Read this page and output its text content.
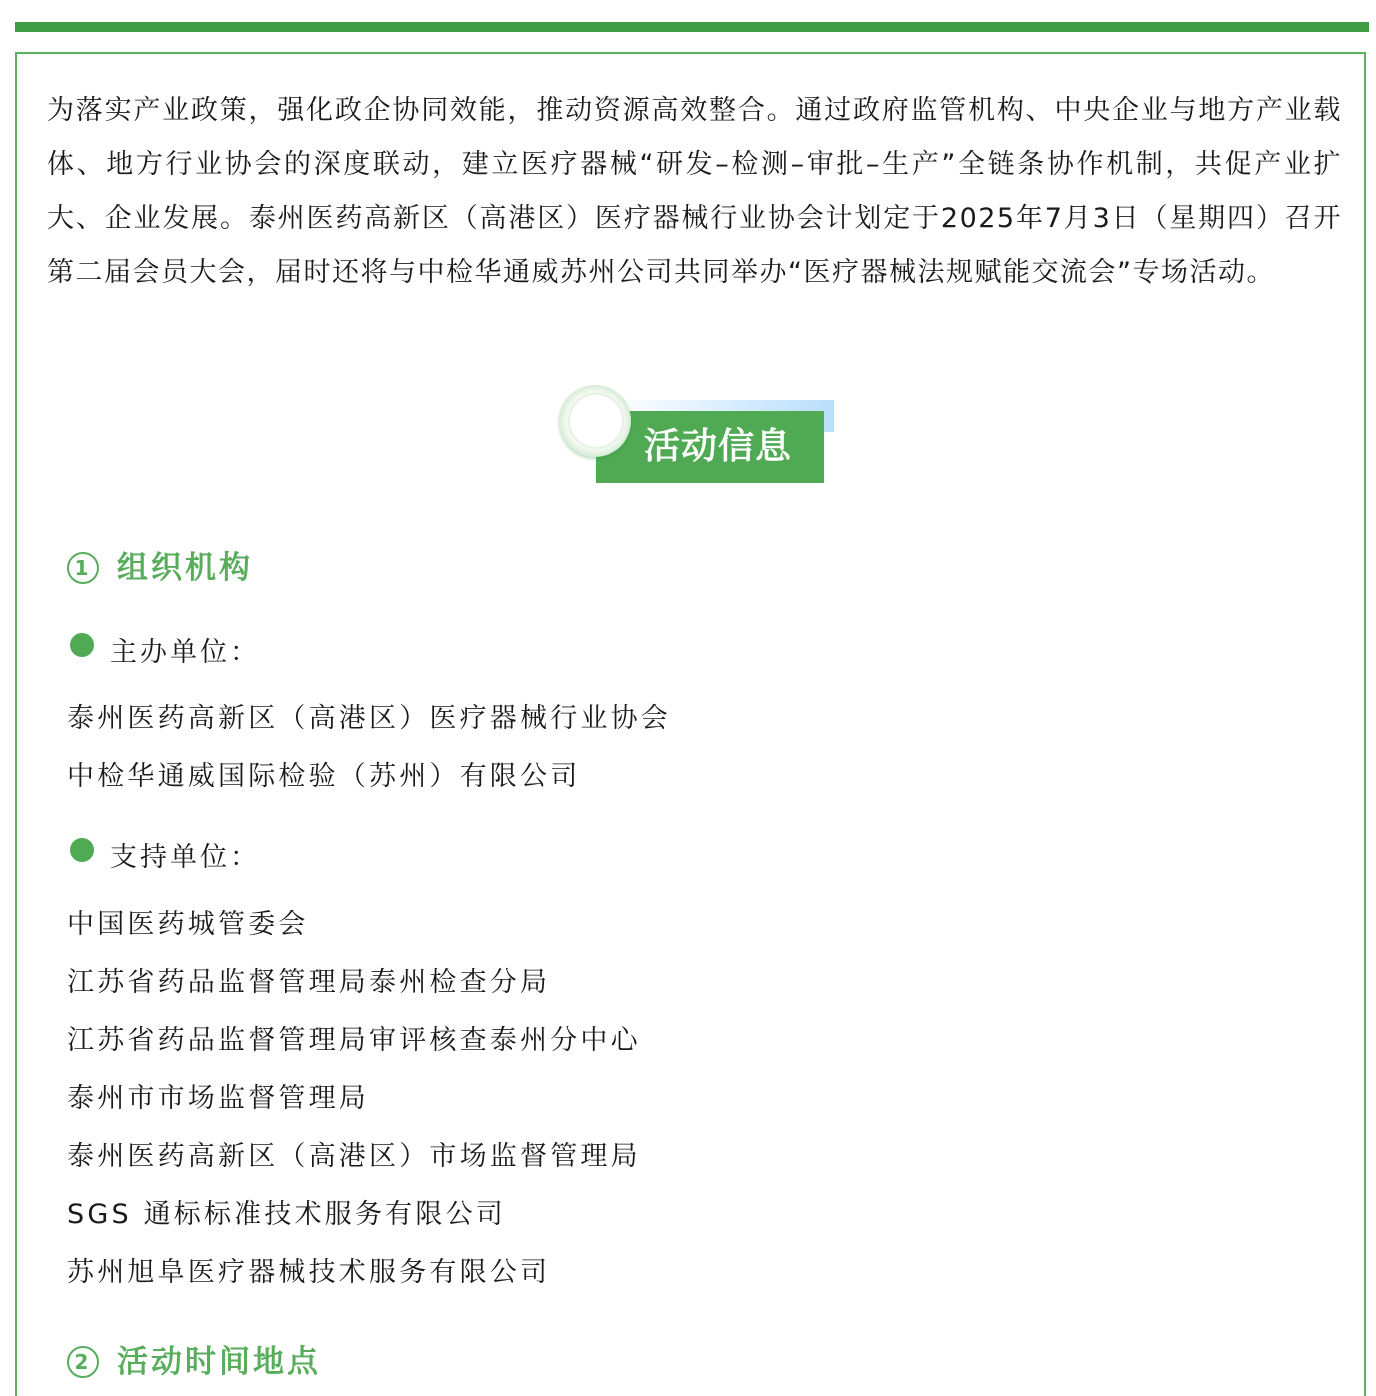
为落实产业政策，强化政企协同效能，推动资源高效整合。通过政府监管机构、中央企业与地方产业载体、地方行业协会的深度联动，建立医疗器械“研发–检测–审批–生产”全链条协作机制，共促产业扩大、企业发展。泰州医药高新区（高港区）医疗器械行业协会计划定于2025年7月3日（星期四）召开第二届会员大会，届时还将与中检华通威苏州公司共同举办“医疗器械法规赋能交流会”专场活动。

活动信息
1 组织机构
主办单位：
泰州医药高新区（高港区）医疗器械行业协会
中检华通威国际检验（苏州）有限公司
支持单位：
中国医药城管委会
江苏省药品监督管理局泰州检查分局
江苏省药品监督管理局审评核查泰州分中心
泰州市市场监督管理局
泰州医药高新区（高港区）市场监督管理局
SGS 通标标准技术服务有限公司
苏州旭阜医疗器械技术服务有限公司
2 活动时间地点
